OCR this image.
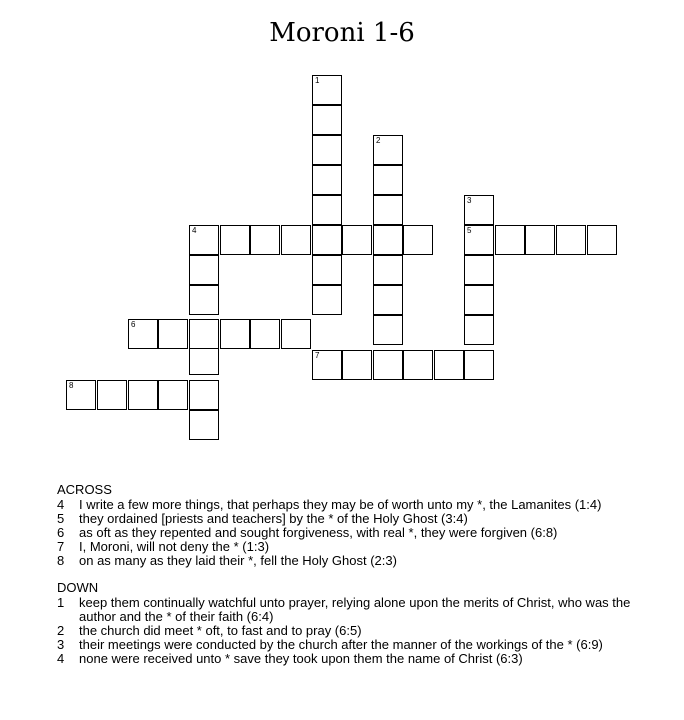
Moroni 1-6
1
2
3
4	5
6
7
8
ACROSS
4	I write a few more things, that perhaps they may be of worth unto my *, the Lamanites (1:4)
5	they ordained [priests and teachers] by the * of the Holy Ghost (3:4)
6	as oft as they repented and sought forgiveness, with real *, they were forgiven (6:8)
7	I, Moroni, will not deny the * (1:3)
8	on as many as they laid their *, fell the Holy Ghost (2:3)
DOWN
1	keep them continually watchful unto prayer, relying alone upon the merits of Christ, who was the author and the * of their faith (6:4)
2	the church did meet * oft, to fast and to pray (6:5)
3	their meetings were conducted by the church after the manner of the workings of the * (6:9)
4	none were received unto * save they took upon them the name of Christ (6:3)
